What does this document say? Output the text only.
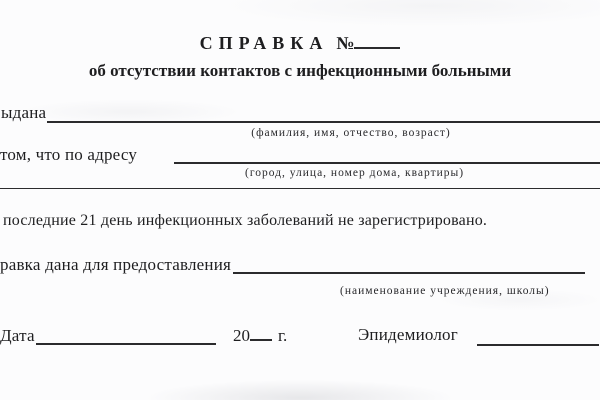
СПРАВКА №
об отсутствии контактов с инфекционными больными
ыдана
(фамилия, имя, отчество, возраст)
том, что по адресу
(город, улица, номер дома, квартиры)
последние 21 день инфекционных заболеваний не зарегистрировано.
равка дана для предоставления
(наименование учреждения, школы)
Дата	20 г.	Эпидемиолог
